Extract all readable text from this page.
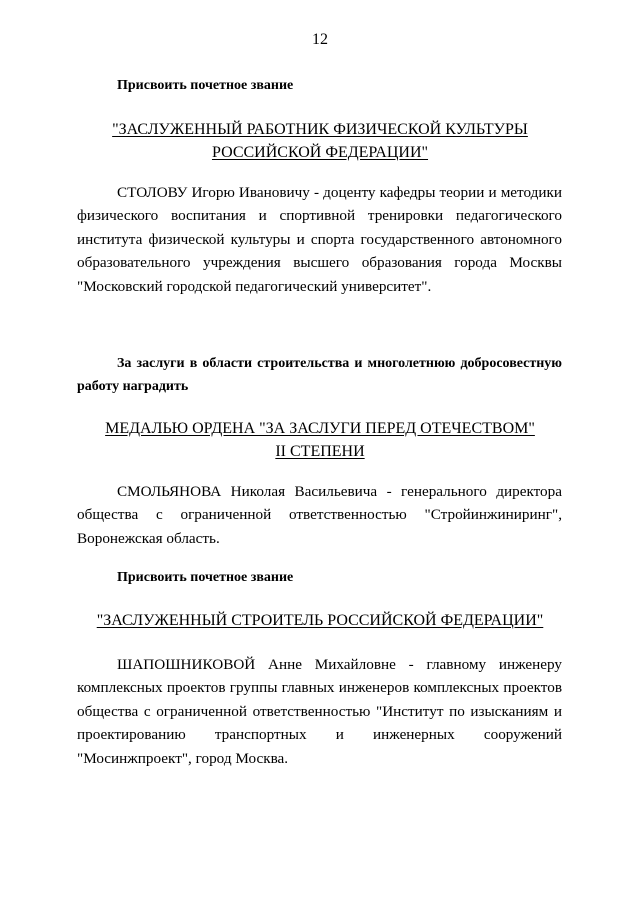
12
Присвоить почетное звание
"ЗАСЛУЖЕННЫЙ РАБОТНИК ФИЗИЧЕСКОЙ КУЛЬТУРЫ
РОССИЙСКОЙ ФЕДЕРАЦИИ"
СТОЛОВУ Игорю Ивановичу - доценту кафедры теории и методики физического воспитания и спортивной тренировки педагогического института физической культуры и спорта государственного автономного образовательного учреждения высшего образования города Москвы "Московский городской педагогический университет".
За заслуги в области строительства и многолетнюю добросовестную работу наградить
МЕДАЛЬЮ ОРДЕНА "ЗА ЗАСЛУГИ ПЕРЕД ОТЕЧЕСТВОМ"
II СТЕПЕНИ
СМОЛЬЯНОВА Николая Васильевича - генерального директора общества с ограниченной ответственностью "Стройинжиниринг", Воронежская область.
Присвоить почетное звание
"ЗАСЛУЖЕННЫЙ СТРОИТЕЛЬ РОССИЙСКОЙ ФЕДЕРАЦИИ"
ШАПОШНИКОВОЙ Анне Михайловне - главному инженеру комплексных проектов группы главных инженеров комплексных проектов общества с ограниченной ответственностью "Институт по изысканиям и проектированию транспортных и инженерных сооружений "Мосинжпроект", город Москва.
